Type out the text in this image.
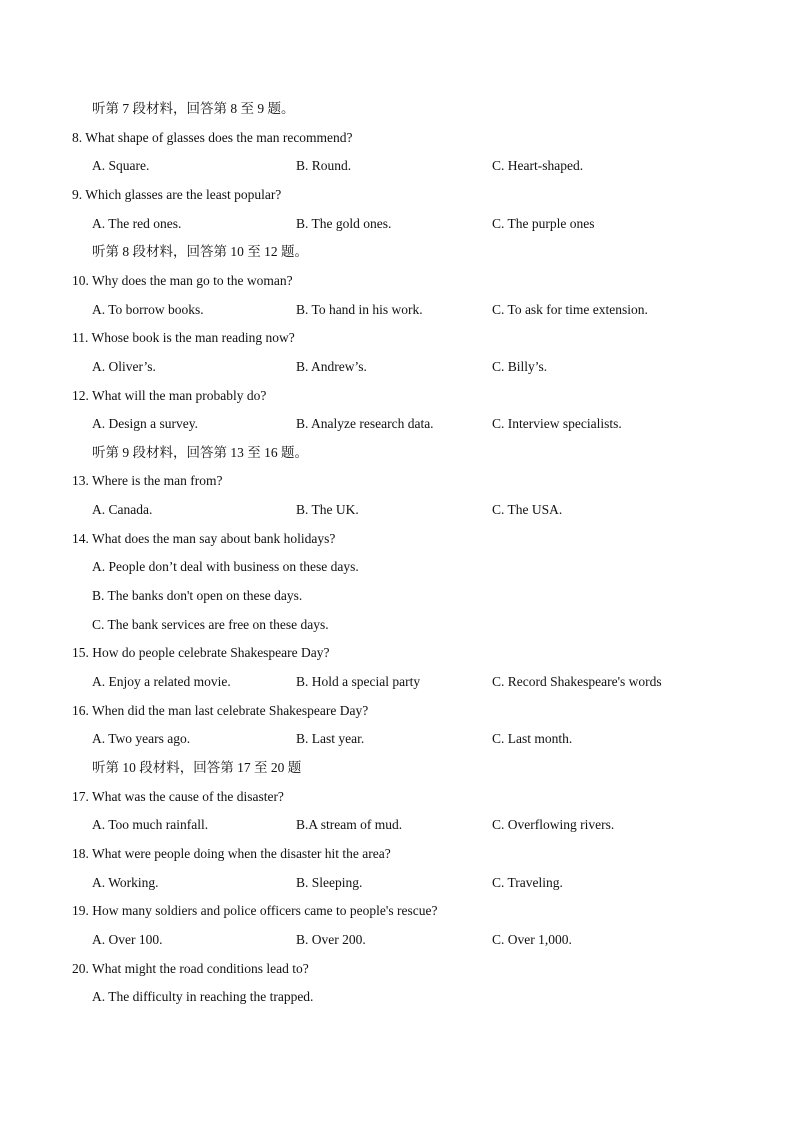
听第 7 段材料，回答第 8 至 9 题。
8. What shape of glasses does the man recommend?
A. Square.	B. Round.	C. Heart-shaped.
9. Which glasses are the least popular?
A. The red ones.	B. The gold ones.	C. The purple ones
听第 8 段材料，回答第 10 至 12 题。
10. Why does the man go to the woman?
A. To borrow books.	B. To hand in his work.	C. To ask for time extension.
11. Whose book is the man reading now?
A. Oliver’s.	B. Andrew’s.	C. Billy’s.
12. What will the man probably do?
A. Design a survey.	B. Analyze research data.	C. Interview specialists.
听第 9 段材料，回答第 13 至 16 题。
13. Where is the man from?
A. Canada.	B. The UK.	C. The USA.
14. What does the man say about bank holidays?
A. People don’t deal with business on these days.
B. The banks don't open on these days.
C. The bank services are free on these days.
15. How do people celebrate Shakespeare Day?
A. Enjoy a related movie.	B. Hold a special party	C. Record Shakespeare's words
16. When did the man last celebrate Shakespeare Day?
A. Two years ago.	B. Last year.	C. Last month.
听第 10 段材料，回答第 17 至 20 题
17. What was the cause of the disaster?
A. Too much rainfall.	B.A stream of mud.	C. Overflowing rivers.
18. What were people doing when the disaster hit the area?
A. Working.	B. Sleeping.	C. Traveling.
19. How many soldiers and police officers came to people's rescue?
A. Over 100.	B. Over 200.	C. Over 1,000.
20. What might the road conditions lead to?
A. The difficulty in reaching the trapped.
